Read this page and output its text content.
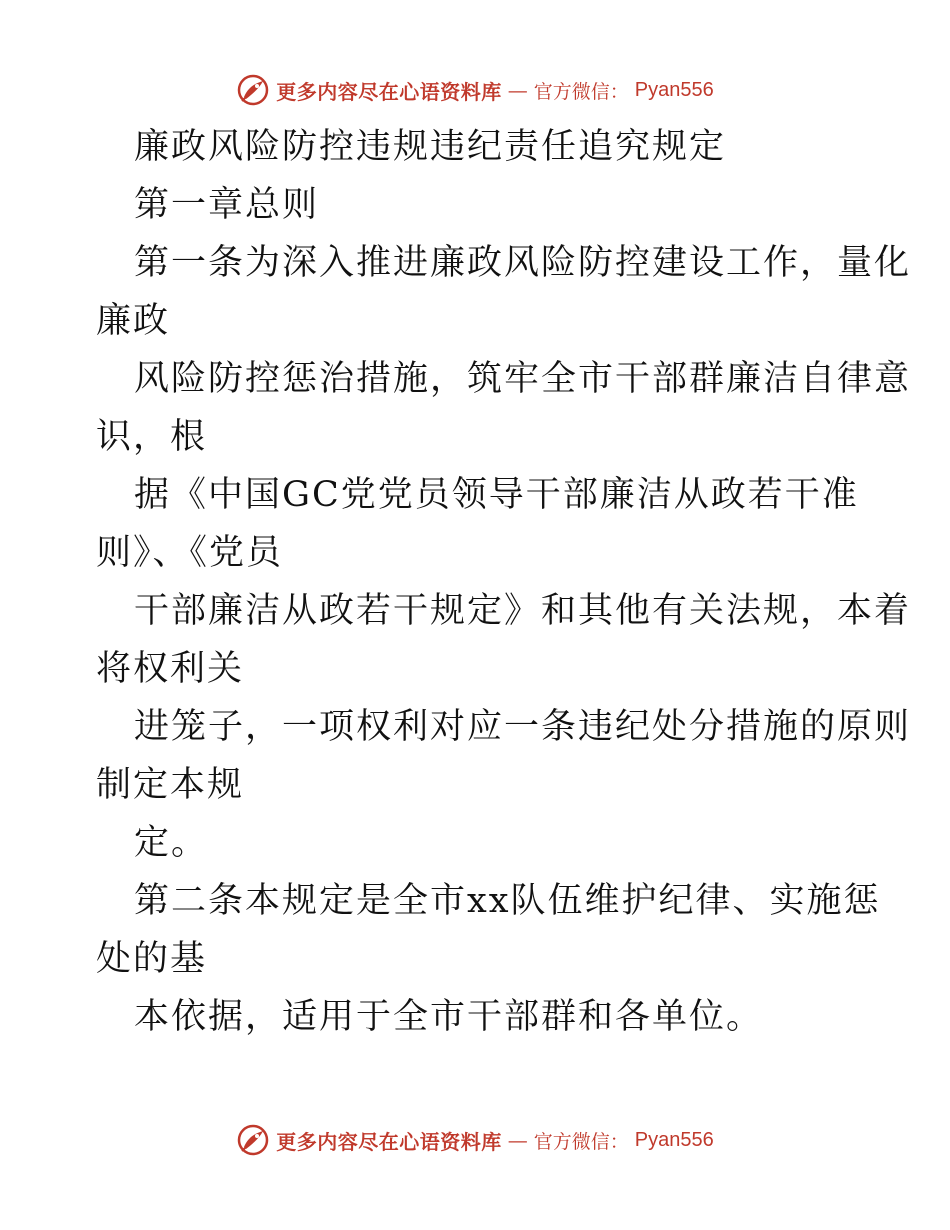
更多内容尽在心语资料库 — 官方微信： Pyan556
廉政风险防控违规违纪责任追究规定
第一章总则
第一条为深入推进廉政风险防控建设工作，量化
廉政
风险防控惩治措施，筑牢全市干部群廉洁自律意
识，根
据《中国GC党党员领导干部廉洁从政若干准
则》、《党员
干部廉洁从政若干规定》和其他有关法规，本着
将权利关
进笼子，一项权利对应一条违纪处分措施的原则
制定本规
定。
第二条本规定是全市xx队伍维护纪律、实施惩
处的基
本依据，适用于全市干部群和各单位。
更多内容尽在心语资料库 — 官方微信： Pyan556
